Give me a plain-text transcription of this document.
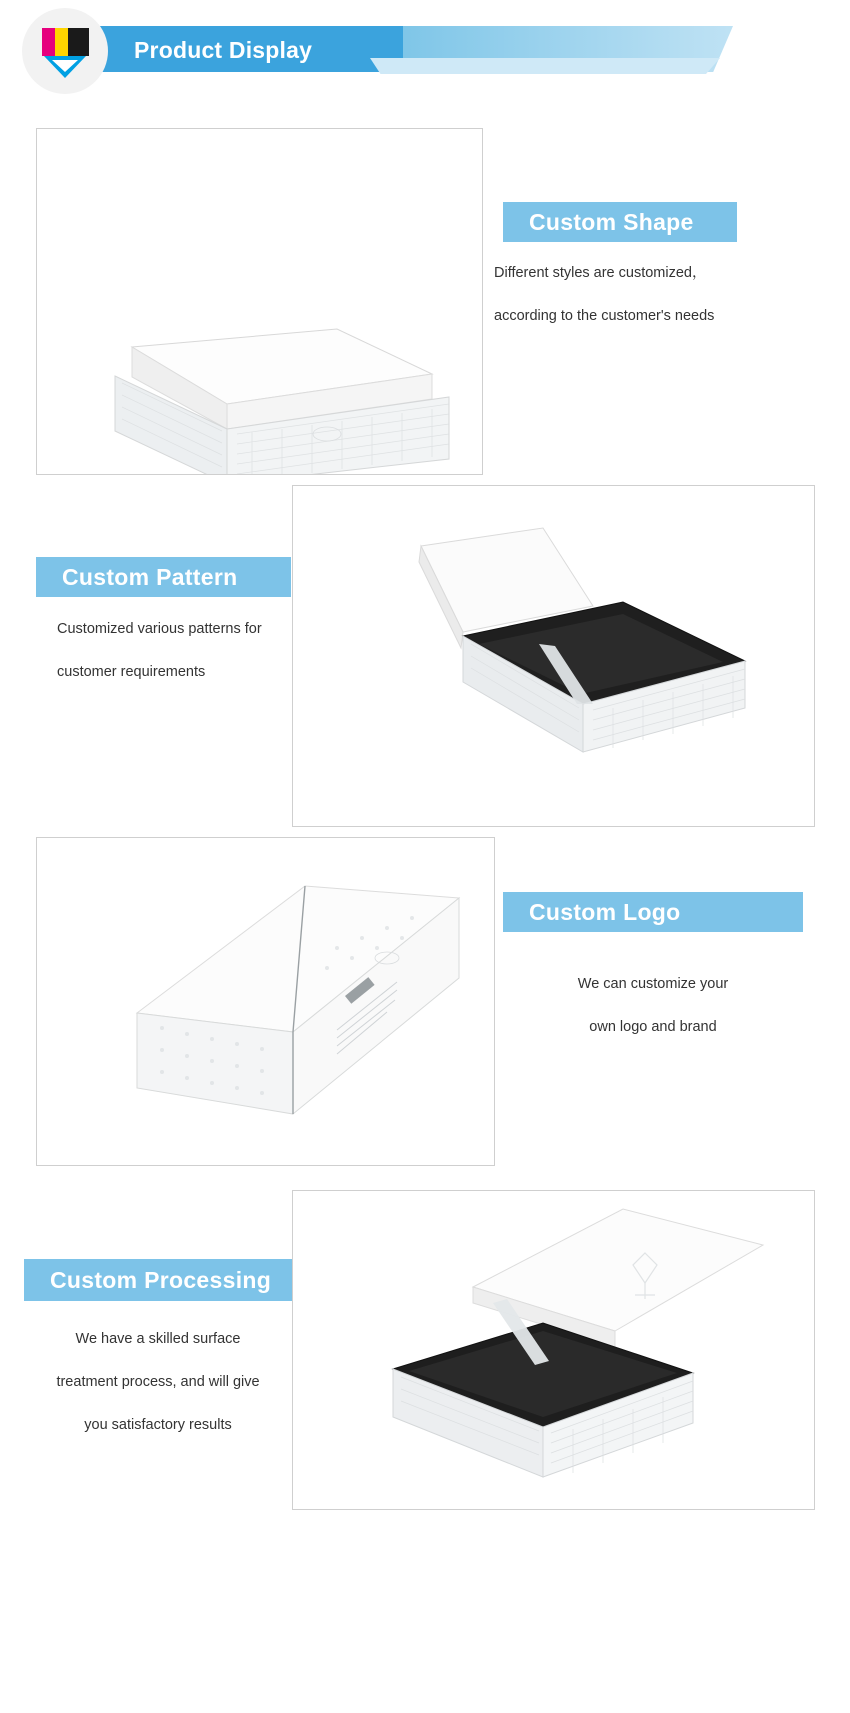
Product Display
Custom Shape
Different styles are customized，
according to the customer's needs
Custom Pattern
Customized various patterns for
customer requirements
Custom Logo
We can customize your
own logo and brand
Custom Processing
We have a skilled surface
treatment process, and will give
you satisfactory results
